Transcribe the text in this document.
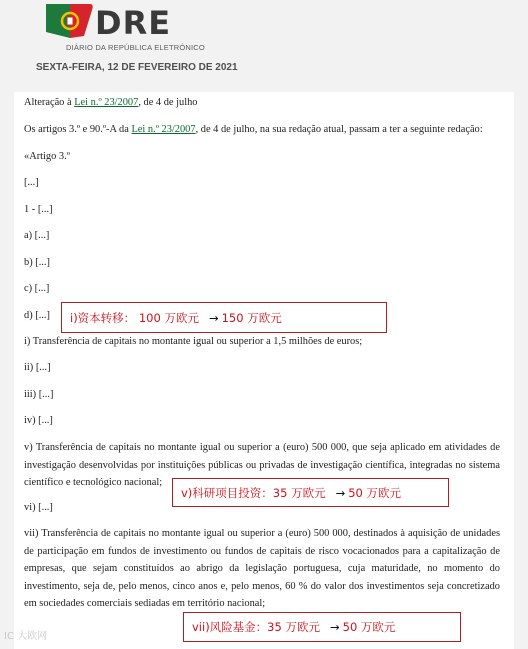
DRE
DIÁRIO DA REPÚBLICA ELETRÓNICO
SEXTA-FEIRA, 12 DE FEVEREIRO DE 2021
Alteração à Lei n.º 23/2007, de 4 de julho
Os artigos 3.º e 90.º-A da Lei n.º 23/2007, de 4 de julho, na sua redação atual, passam a ter a seguinte redação:
«Artigo 3.º
[...]
1 - [...]
a) [...]
b) [...]
c) [...]
d) [...]
i) Transferência de capitais no montante igual ou superior a 1,5 milhões de euros;
ii) [...]
iii) [...]
iv) [...]
v) Transferência de capitais no montante igual ou superior a (euro) 500 000, que seja aplicado em atividades de investigação desenvolvidas por instituições públicas ou privadas de investigação científica, integradas no sistema científico e tecnológico nacional;
vi) [...]
vii) Transferência de capitais no montante igual ou superior a (euro) 500 000, destinados à aquisição de unidades de participação em fundos de investimento ou fundos de capitais de risco vocacionados para a capitalização de empresas, que sejam constituídos ao abrigo da legislação portuguesa, cuja maturidade, no momento do investimento, seja de, pelo menos, cinco anos e, pelo menos, 60 % do valor dos investimentos seja concretizado em sociedades comerciais sediadas em território nacional;
i)资本转移： 100 万欧元 → 150 万欧元
v)科研项目投资：35 万欧元 → 50 万欧元
vii)风险基金：35 万欧元 → 50 万欧元
IC 大欧网
